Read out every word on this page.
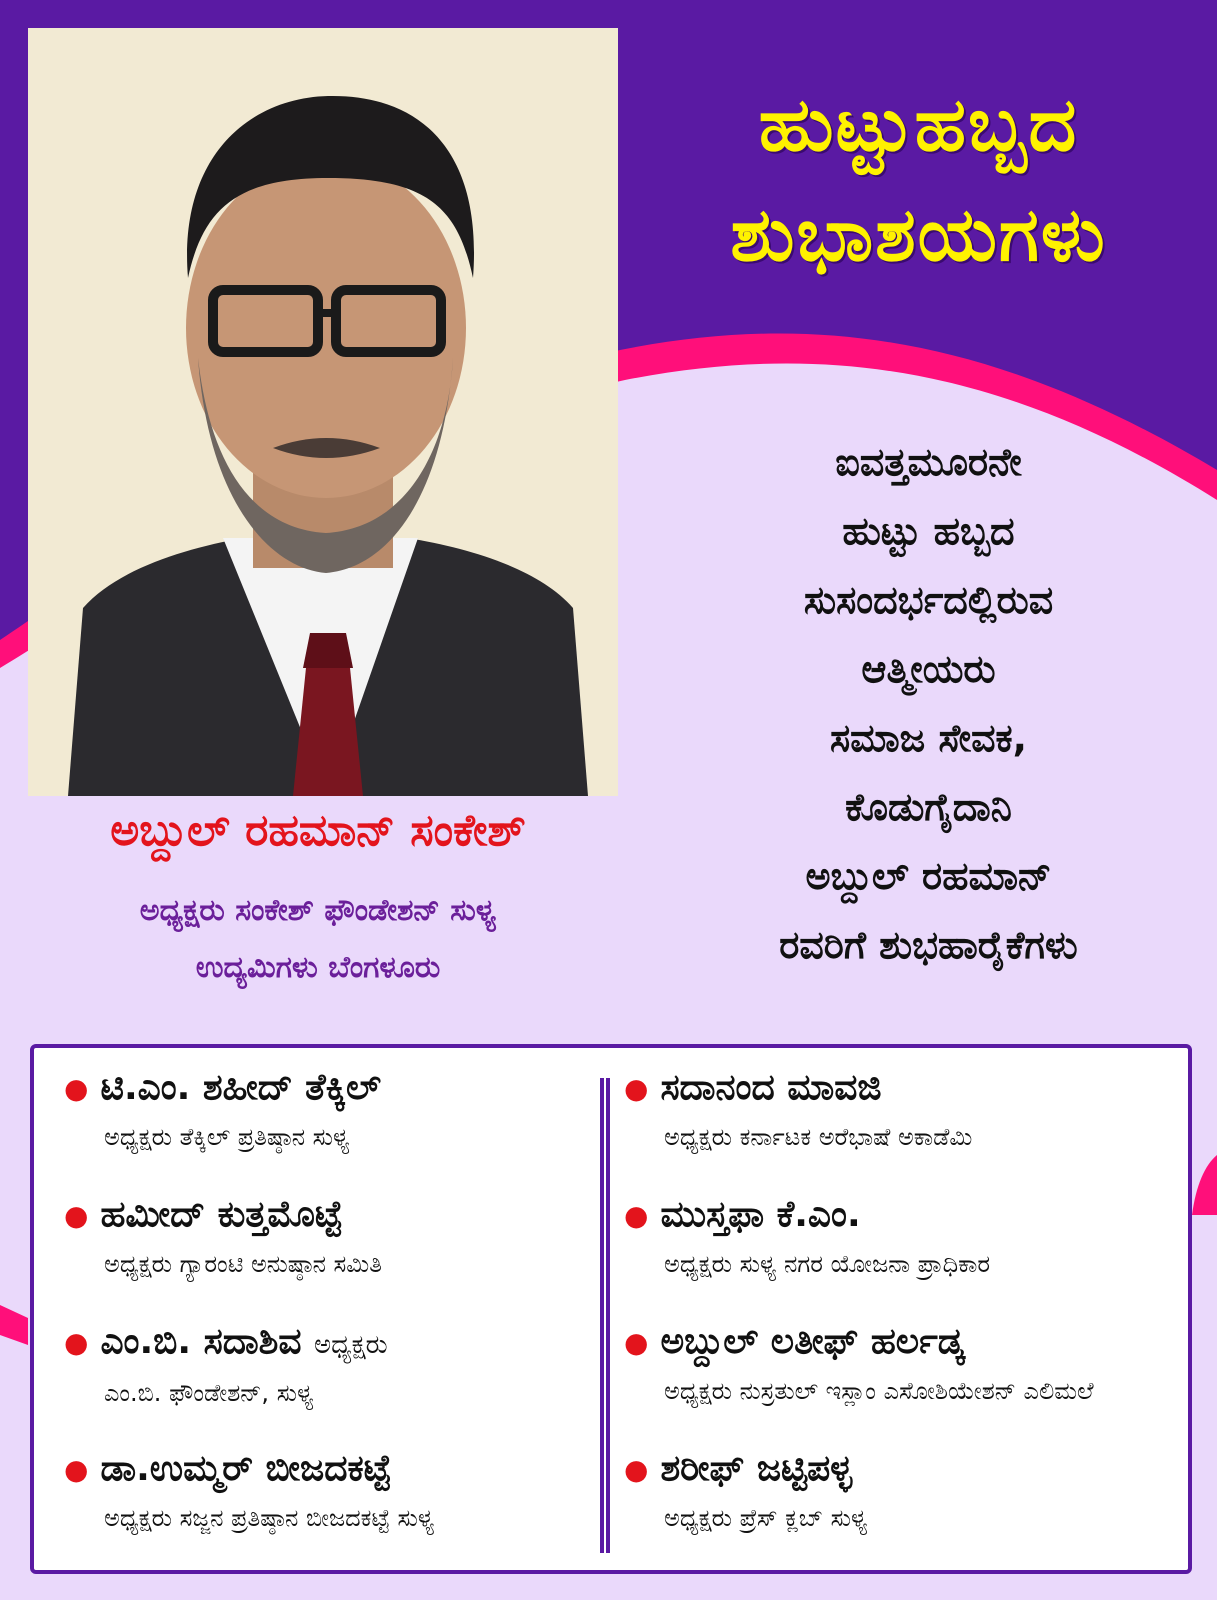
ಹುಟ್ಟುಹಬ್ಬದ
ಶುಭಾಶಯಗಳು
ಐವತ್ತಮೂರನೇ
ಹುಟ್ಟು ಹಬ್ಬದ
ಸುಸಂದರ್ಭದಲ್ಲಿರುವ
ಆತ್ಮೀಯರು
ಸಮಾಜ ಸೇವಕ,
ಕೊಡುಗೈದಾನಿ
ಅಬ್ದುಲ್ ರಹಮಾನ್
ರವರಿಗೆ ಶುಭಹಾರೈಕೆಗಳು
ಅಬ್ದುಲ್ ರಹಮಾನ್ ಸಂಕೇಶ್
ಅಧ್ಯಕ್ಷರು ಸಂಕೇಶ್ ಫೌಂಡೇಶನ್ ಸುಳ್ಯ
ಉದ್ಯಮಿಗಳು ಬೆಂಗಳೂರು
● ಟಿ.ಎಂ. ಶಹೀದ್ ತೆಕ್ಕಿಲ್
ಅಧ್ಯಕ್ಷರು ತೆಕ್ಕಿಲ್ ಪ್ರತಿಷ್ಠಾನ ಸುಳ್ಯ
● ಹಮೀದ್ ಕುತ್ತಮೊಟ್ಟೆ
ಅಧ್ಯಕ್ಷರು ಗ್ಯಾರಂಟಿ ಅನುಷ್ಠಾನ ಸಮಿತಿ
● ಎಂ.ಬಿ. ಸದಾಶಿವ ಅಧ್ಯಕ್ಷರು
ಎಂ.ಬಿ. ಫೌಂಡೇಶನ್, ಸುಳ್ಯ
● ಡಾ.ಉಮ್ಮರ್ ಬೀಜದಕಟ್ಟೆ
ಅಧ್ಯಕ್ಷರು ಸಜ್ಜನ ಪ್ರತಿಷ್ಠಾನ ಬೀಜದಕಟ್ಟೆ ಸುಳ್ಯ
● ಸದಾನಂದ ಮಾವಜಿ
ಅಧ್ಯಕ್ಷರು ಕರ್ನಾಟಕ ಅರೆಭಾಷೆ ಅಕಾಡೆಮಿ
● ಮುಸ್ತಫಾ ಕೆ.ಎಂ.
ಅಧ್ಯಕ್ಷರು ಸುಳ್ಯ ನಗರ ಯೋಜನಾ ಪ್ರಾಧಿಕಾರ
● ಅಬ್ದುಲ್ ಲತೀಫ್ ಹರ್ಲಡ್ಕ
ಅಧ್ಯಕ್ಷರು ನುಸ್ರತುಲ್ ಇಸ್ಲಾಂ ಎಸೋಶಿಯೇಶನ್ ಎಲಿಮಲೆ
● ಶರೀಫ್ ಜಟ್ಟಿಪಳ್ಳ
ಅಧ್ಯಕ್ಷರು ಪ್ರೆಸ್ ಕ್ಲಬ್ ಸುಳ್ಯ
